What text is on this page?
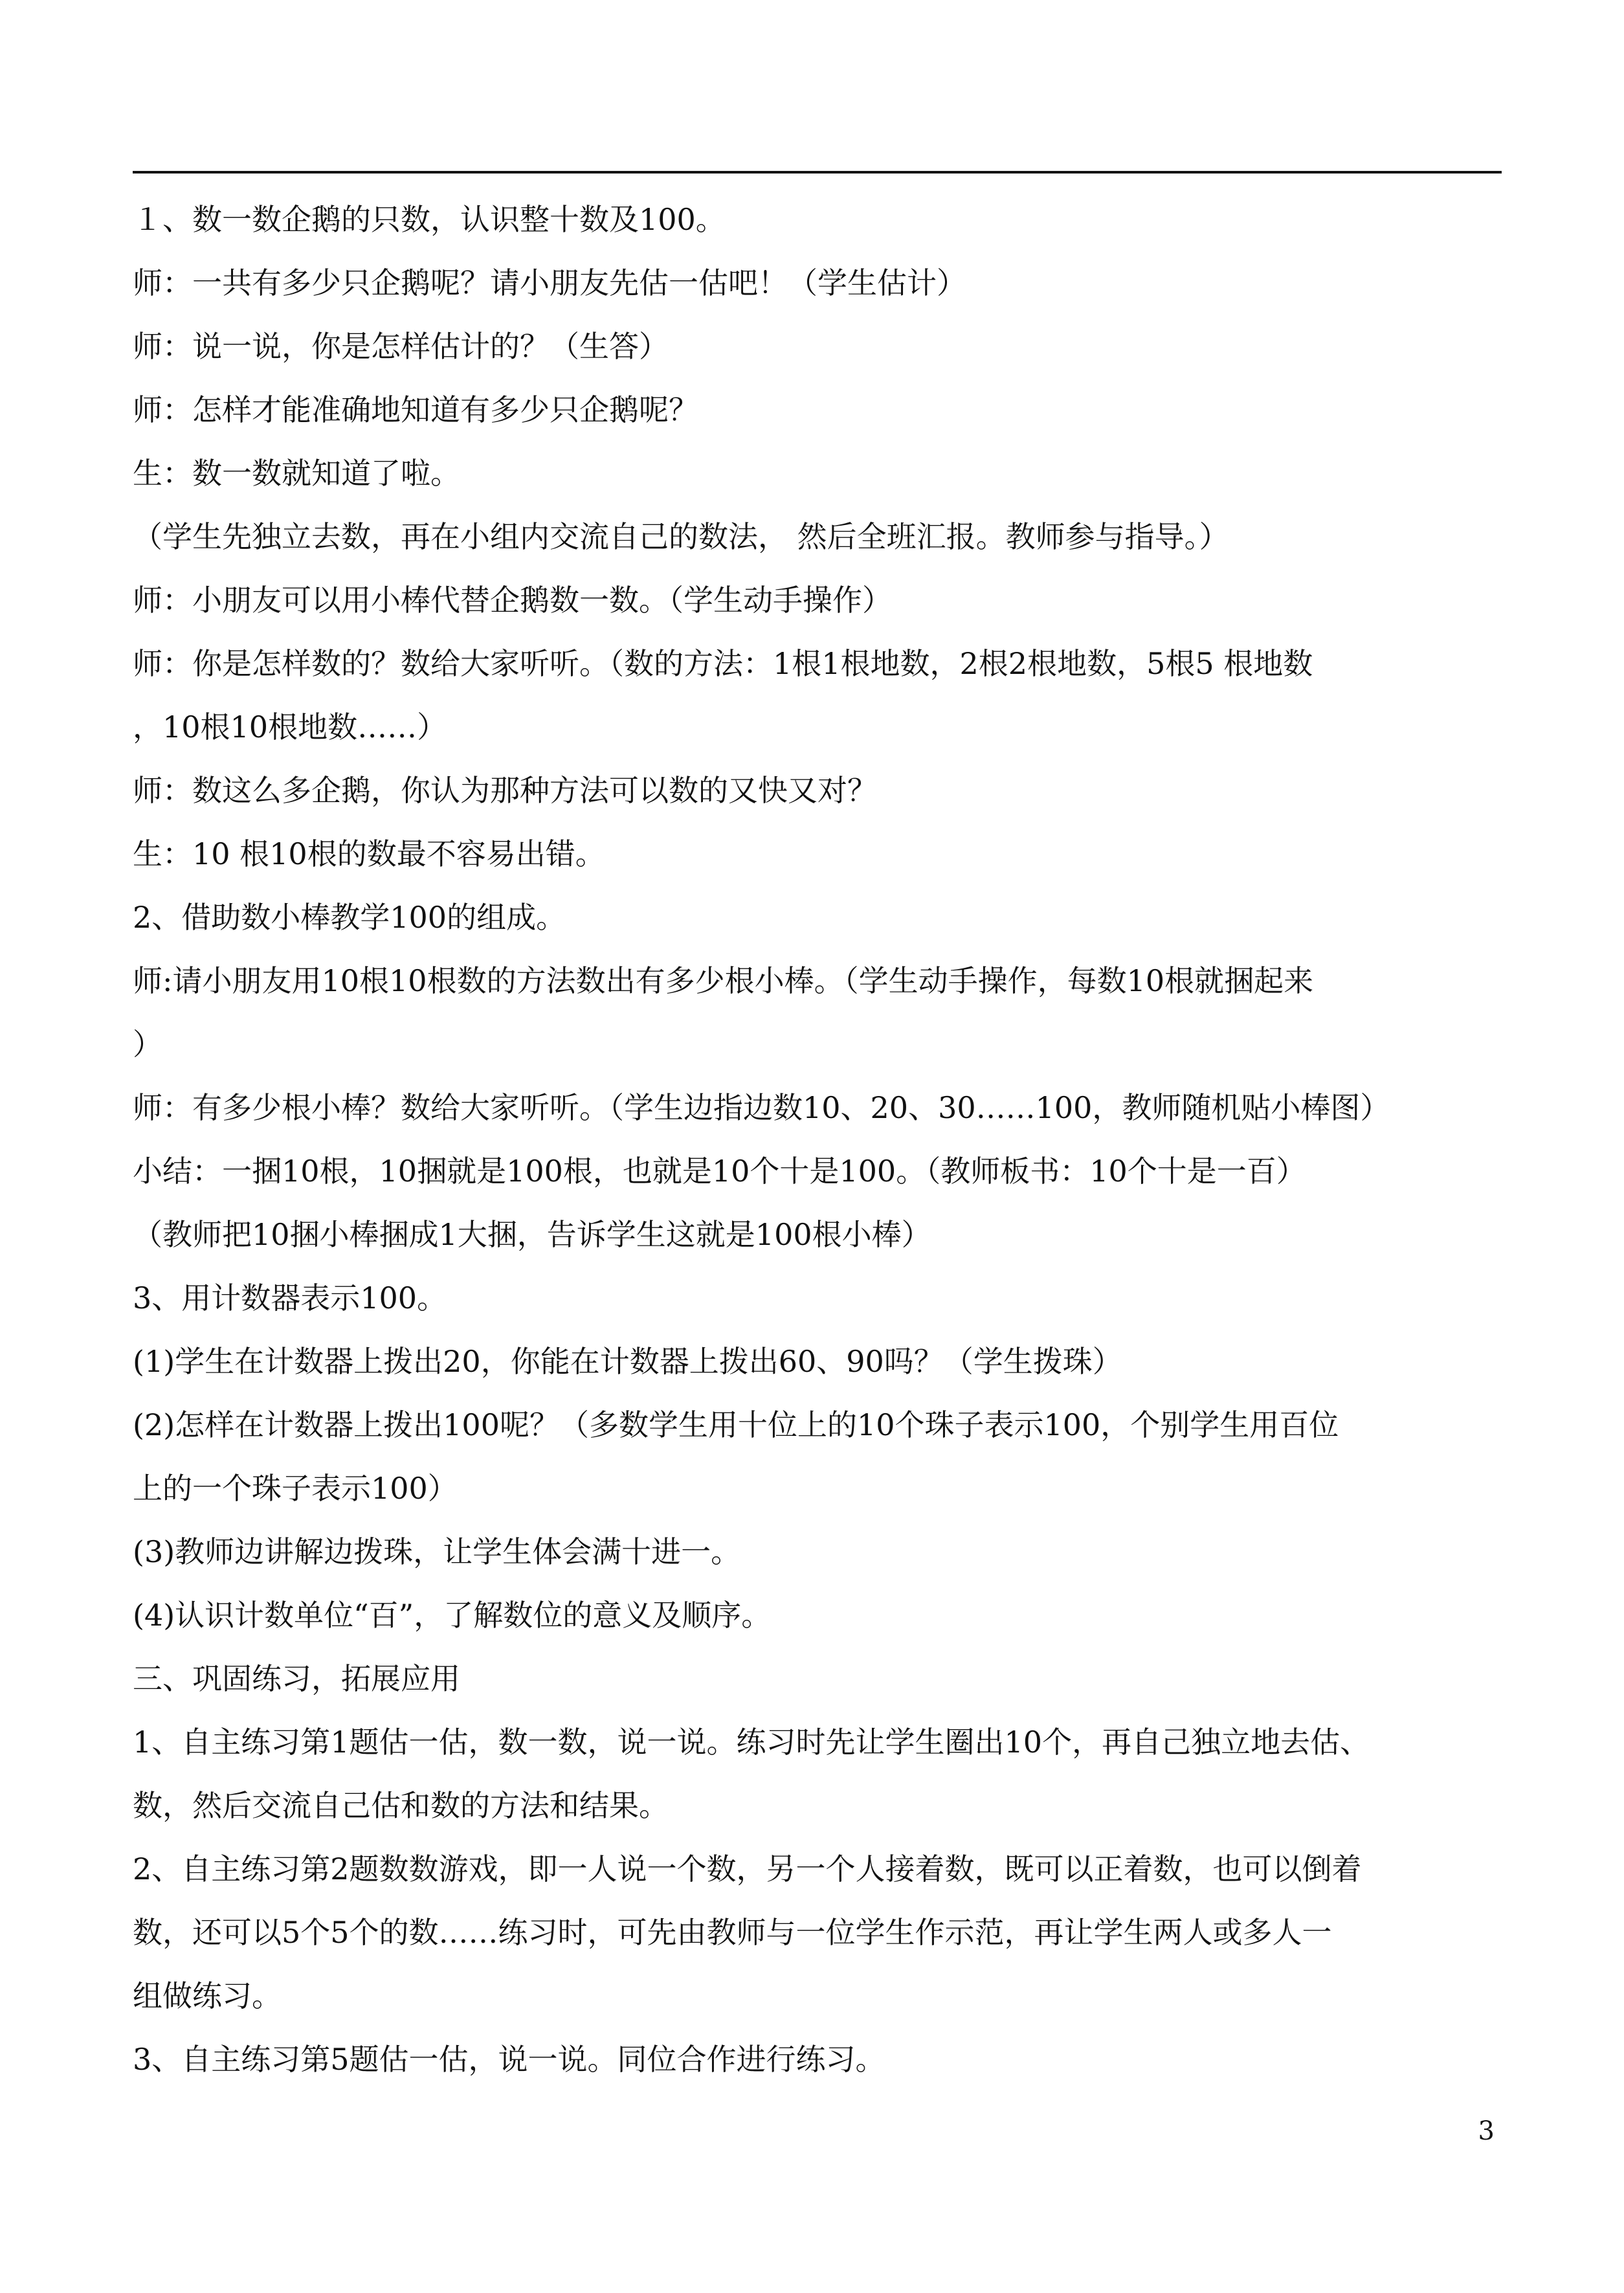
１、数一数企鹅的只数，认识整十数及100。
师：一共有多少只企鹅呢？请小朋友先估一估吧！（学生估计）
师：说一说，你是怎样估计的？（生答）
师：怎样才能准确地知道有多少只企鹅呢？
生：数一数就知道了啦。
（学生先独立去数，再在小组内交流自己的数法， 然后全班汇报。教师参与指导。）
师：小朋友可以用小棒代替企鹅数一数。（学生动手操作）
师：你是怎样数的？数给大家听听。（数的方法：1根1根地数，2根2根地数，5根5 根地数
，10根10根地数……）
师：数这么多企鹅，你认为那种方法可以数的又快又对？
生：10 根10根的数最不容易出错。
2、借助数小棒教学100的组成。
师:请小朋友用10根10根数的方法数出有多少根小棒。（学生动手操作，每数10根就捆起来
）
师：有多少根小棒？数给大家听听。（学生边指边数10、20、30……100，教师随机贴小棒图）
小结：一捆10根，10捆就是100根，也就是10个十是100。（教师板书：10个十是一百）
（教师把10捆小棒捆成1大捆，告诉学生这就是100根小棒）
3、用计数器表示100。
(1)学生在计数器上拨出20，你能在计数器上拨出60、90吗？（学生拨珠）
(2)怎样在计数器上拨出100呢？（多数学生用十位上的10个珠子表示100，个别学生用百位
上的一个珠子表示100）
(3)教师边讲解边拨珠，让学生体会满十进一。
(4)认识计数单位“百”，了解数位的意义及顺序。
三、巩固练习，拓展应用
1、自主练习第1题估一估，数一数，说一说。练习时先让学生圈出10个，再自己独立地去估、
数，然后交流自己估和数的方法和结果。
2、自主练习第2题数数游戏，即一人说一个数，另一个人接着数，既可以正着数，也可以倒着
数，还可以5个5个的数……练习时，可先由教师与一位学生作示范，再让学生两人或多人一
组做练习。
3、自主练习第5题估一估，说一说。同位合作进行练习。
3
